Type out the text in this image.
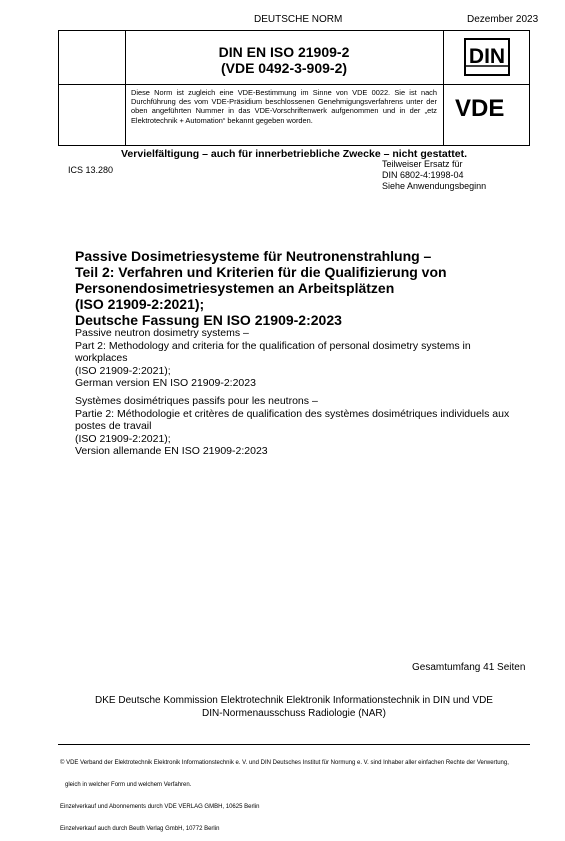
DEUTSCHE NORM	Dezember 2023
DIN EN ISO 21909-2
(VDE 0492-3-909-2)	DIN
Diese Norm ist zugleich eine VDE-Bestimmung im Sinne von VDE 0022. Sie ist nach Durchführung des vom VDE-Präsidium beschlossenen Genehmigungsverfahrens unter der oben angeführten Nummer in das VDE-Vorschriftenwerk aufgenommen und in der „etz Elektrotechnik + Automation“ bekannt gegeben worden.	VDE
Vervielfältigung – auch für innerbetriebliche Zwecke – nicht gestattet.
ICS 13.280
Teilweiser Ersatz für
DIN 6802-4:1998-04
Siehe Anwendungsbeginn
Passive Dosimetriesysteme für Neutronenstrahlung –
Teil 2: Verfahren und Kriterien für die Qualifizierung von
Personendosimetriesystemen an Arbeitsplätzen
(ISO 21909-2:2021);
Deutsche Fassung EN ISO 21909-2:2023
Passive neutron dosimetry systems –
Part 2: Methodology and criteria for the qualification of personal dosimetry systems in
workplaces
(ISO 21909-2:2021);
German version EN ISO 21909-2:2023
Systèmes dosimétriques passifs pour les neutrons –
Partie 2: Méthodologie et critères de qualification des systèmes dosimétriques individuels aux
postes de travail
(ISO 21909-2:2021);
Version allemande EN ISO 21909-2:2023
Gesamtumfang 41 Seiten
DKE Deutsche Kommission Elektrotechnik Elektronik Informationstechnik in DIN und VDE
DIN-Normenausschuss Radiologie (NAR)

© VDE Verband der Elektrotechnik Elektronik Informationstechnik e. V. und DIN Deutsches Institut für Normung e. V. sind Inhaber aller einfachen Rechte der Verwertung,

gleich in welcher Form und welchem Verfahren.

Einzelverkauf und Abonnements durch VDE VERLAG GMBH, 10625 Berlin

Einzelverkauf auch durch Beuth Verlag GmbH, 10772 Berlin
